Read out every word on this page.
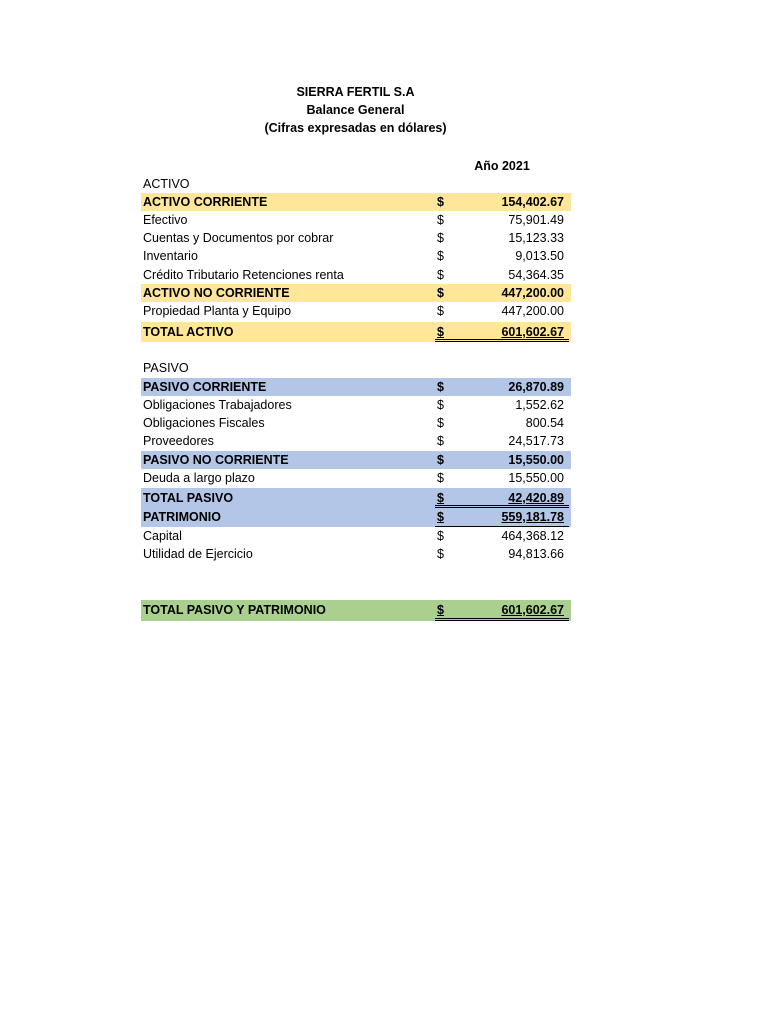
SIERRA FERTIL S.A
Balance General
(Cifras expresadas en dólares)
Año 2021
ACTIVO
ACTIVO CORRIENTE	$	154,402.67
Efectivo	$	75,901.49
Cuentas y Documentos por cobrar	$	15,123.33
Inventario	$	9,013.50
Crédito Tributario Retenciones renta	$	54,364.35
ACTIVO NO CORRIENTE	$	447,200.00
Propiedad Planta y Equipo	$	447,200.00
TOTAL ACTIVO	$	601,602.67
PASIVO
PASIVO CORRIENTE	$	26,870.89
Obligaciones Trabajadores	$	1,552.62
Obligaciones Fiscales	$	800.54
Proveedores	$	24,517.73
PASIVO NO CORRIENTE	$	15,550.00
Deuda a largo plazo	$	15,550.00
TOTAL PASIVO	$	42,420.89
PATRIMONIO	$	559,181.78
Capital	$	464,368.12
Utilidad de Ejercicio	$	94,813.66
TOTAL PASIVO Y PATRIMONIO	$	601,602.67
